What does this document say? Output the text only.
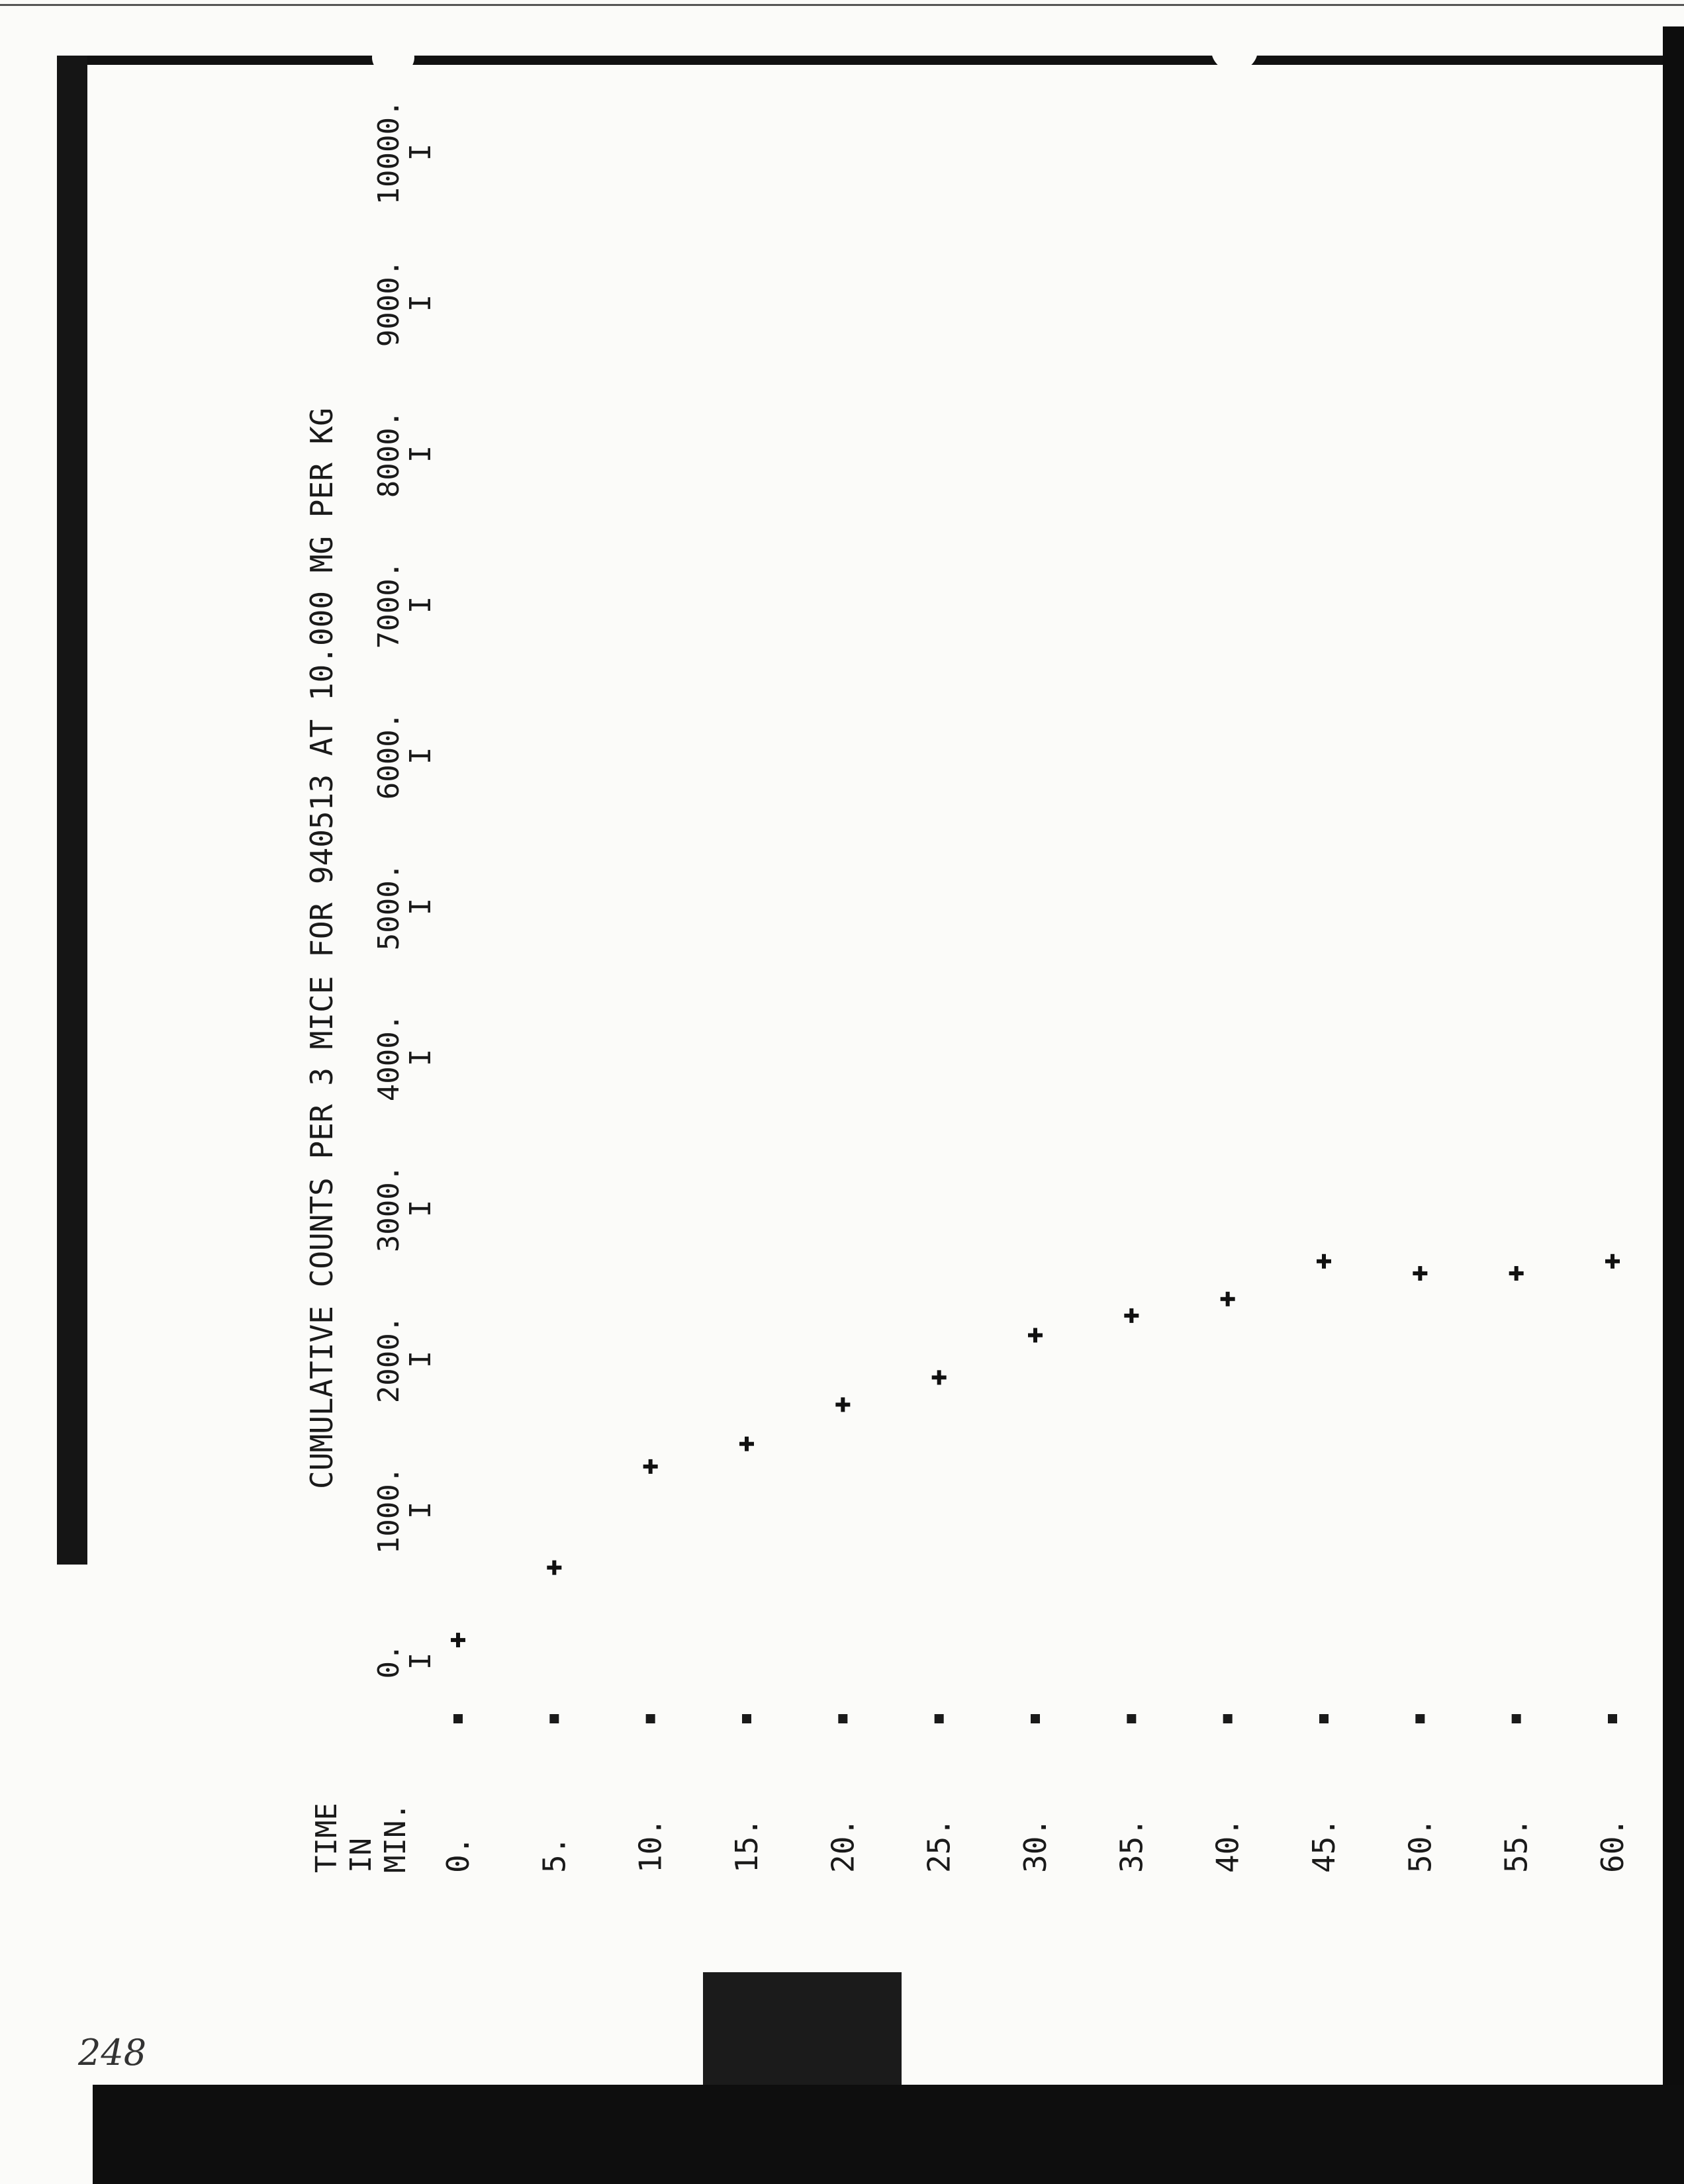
248
CUMULATIVE COUNTS PER 3 MICE FOR 940513 AT 10.000 MG PER KG
TIME IN MIN. 0. 5. 10. 15. 20. 25. 30. 35. 40. 45. 50. 55. 60.
0.
I
1000.
I
2000.
I
3000.
I
4000.
I
5000.
I
6000.
I
7000.
I
8000.
I
9000.
I
10000.
I
